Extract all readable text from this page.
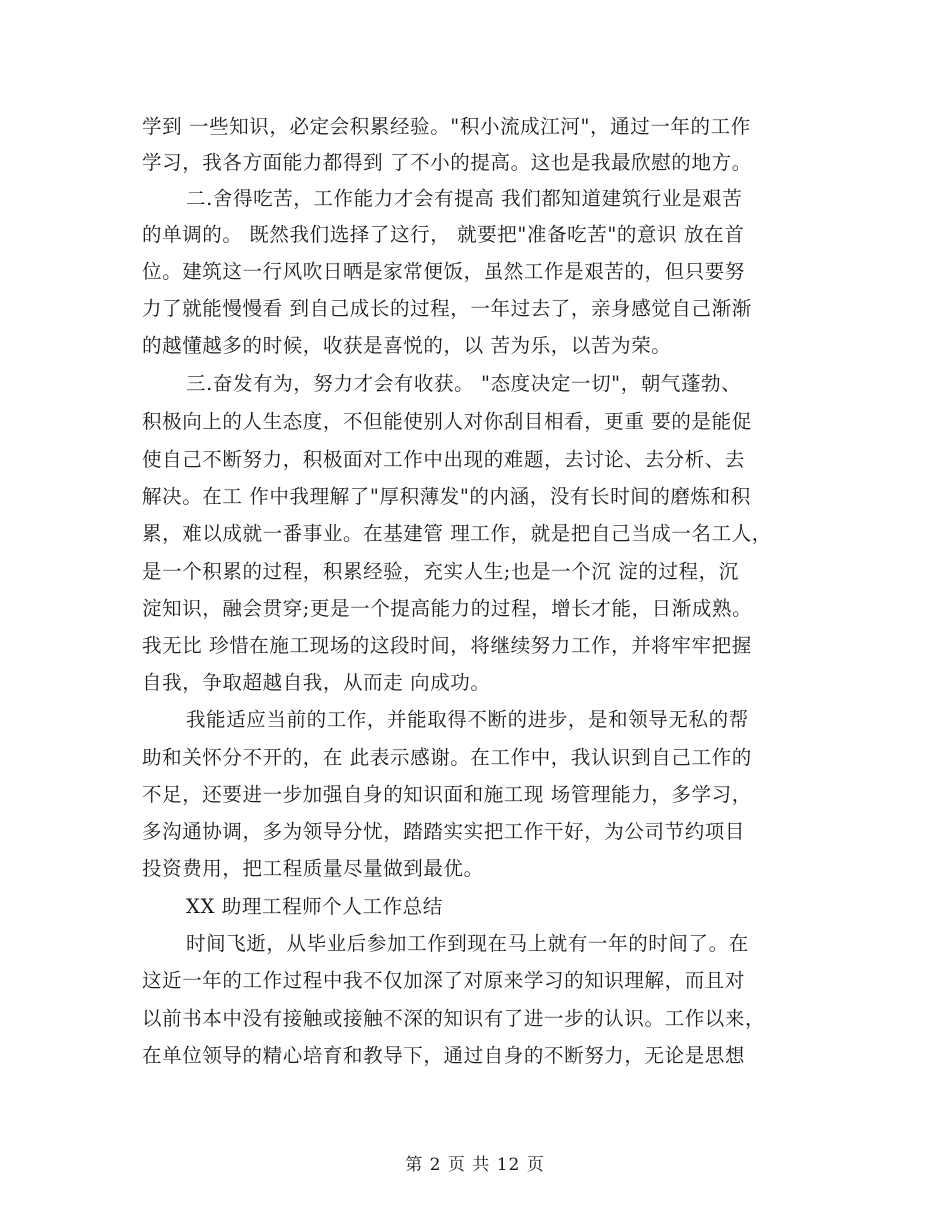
学到 一些知识，必定会积累经验。"积小流成江河"，通过一年的工作
学习，我各方面能力都得到 了不小的提高。这也是我最欣慰的地方。
二.舍得吃苦，工作能力才会有提高 我们都知道建筑行业是艰苦
的单调的。 既然我们选择了这行， 就要把"准备吃苦"的意识 放在首
位。建筑这一行风吹日晒是家常便饭，虽然工作是艰苦的，但只要努
力了就能慢慢看 到自己成长的过程，一年过去了，亲身感觉自己渐渐
的越懂越多的时候，收获是喜悦的，以 苦为乐，以苦为荣。
三.奋发有为，努力才会有收获。 "态度决定一切"，朝气蓬勃、
积极向上的人生态度，不但能使别人对你刮目相看，更重 要的是能促
使自己不断努力，积极面对工作中出现的难题，去讨论、去分析、去
解决。在工 作中我理解了"厚积薄发"的内涵，没有长时间的磨炼和积
累，难以成就一番事业。在基建管 理工作，就是把自己当成一名工人，
是一个积累的过程，积累经验，充实人生;也是一个沉 淀的过程，沉
淀知识，融会贯穿;更是一个提高能力的过程，增长才能，日渐成熟。
我无比 珍惜在施工现场的这段时间，将继续努力工作，并将牢牢把握
自我，争取超越自我，从而走 向成功。
我能适应当前的工作，并能取得不断的进步，是和领导无私的帮
助和关怀分不开的，在 此表示感谢。在工作中，我认识到自己工作的
不足，还要进一步加强自身的知识面和施工现 场管理能力，多学习，
多沟通协调，多为领导分忧，踏踏实实把工作干好，为公司节约项目
投资费用，把工程质量尽量做到最优。
XX 助理工程师个人工作总结
时间飞逝，从毕业后参加工作到现在马上就有一年的时间了。在
这近一年的工作过程中我不仅加深了对原来学习的知识理解，而且对
以前书本中没有接触或接触不深的知识有了进一步的认识。工作以来，
在单位领导的精心培育和教导下，通过自身的不断努力，无论是思想
第 2 页 共 12 页
